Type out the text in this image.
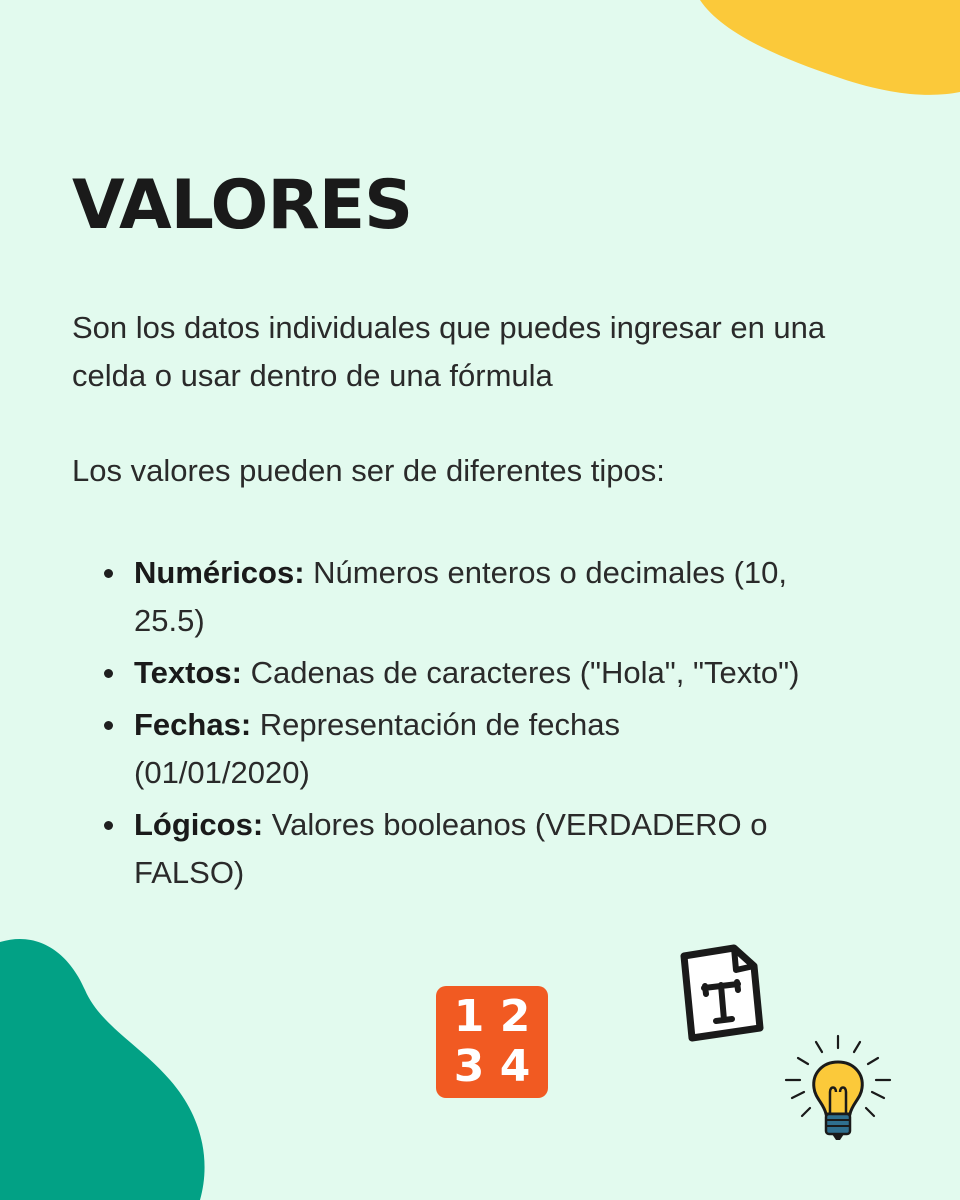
VALORES

Son los datos individuales que puedes ingresar en una celda o usar dentro de una fórmula

Los valores pueden ser de diferentes tipos:

Numéricos: Números enteros o decimales (10, 25.5)
Textos: Cadenas de caracteres ("Hola", "Texto")
Fechas: Representación de fechas (01/01/2020)
Lógicos: Valores booleanos (VERDADERO o FALSO)
1 2
3 4
